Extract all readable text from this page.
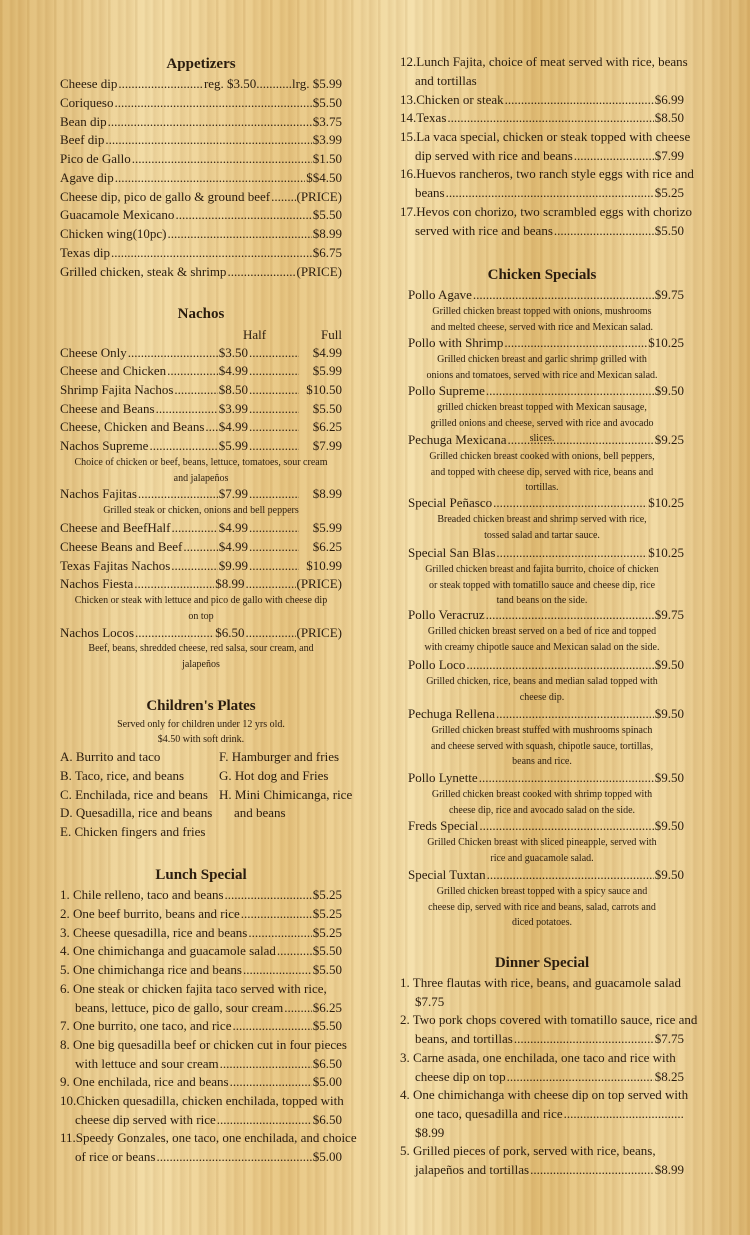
Appetizers
Cheese dip .....	reg. $3.50...........lrg. $5.99
Coriqueso .....	$5.50
Bean dip .....	$3.75
Beef dip .....	$3.99
Pico de Gallo .....	$1.50
Agave dip .....	$$4.50
Cheese dip, pico de gallo & ground beef ..... (PRICE)
Guacamole Mexicano .....	$5.50
Chicken wing(10pc) .....	$8.99
Texas dip .....	$6.75
Grilled chicken, steak & shrimp .....	(PRICE)
Nachos
Half	Full
Cheese Only .....	$3.50 .....	$4.99
Cheese and Chicken .....	$4.99 .....	$5.99
Shrimp Fajita Nachos .....	$8.50 .....	$10.50
Cheese and Beans .....	$3.99 .....	$5.50
Cheese, Chicken and Beans ..... $4.99 .....	$6.25
Nachos Supreme .....	$5.99 .....	$7.99
Nachos Fajitas .....	$7.99 .....	$8.99
Cheese and BeefHalf .....	$4.99 .....	$5.99
Cheese Beans and Beef .....	$4.99 .....	$6.25
Texas Fajitas Nachos .....	$9.99 .....	$10.99
Nachos Fiesta .....	$8.99 .....	(PRICE)
Nachos Locos .....	$6.50 .....	(PRICE)
Choice of chicken or beef, beans, lettuce, tomatoes, sour cream and jalapeños
Grilled steak or chicken, onions and bell peppers
Chicken or steak with lettuce and pico de gallo with cheese dip on top
Beef, beans, shredded cheese, red salsa, sour cream, and jalapeños
Children's Plates
Served only for children under 12 yrs old.
$4.50 with soft drink.
A. Burrito and taco
B. Taco, rice, and beans
C. Enchilada, rice and beans
D. Quesadilla, rice and beans
E. Chicken fingers and fries
F. Hamburger and fries
G. Hot dog and Fries
H. Mini Chimicanga, rice
and beans
Lunch Special
1. Chile relleno, taco and beans .....	$5.25
2. One beef burrito, beans and rice .....	$5.25
3. Cheese quesadilla, rice and beans .....	$5.25
4. One chimichanga and guacamole salad .....	$5.50
5. One chimichanga rice and beans .....	$5.50
6. One steak or chicken fajita taco served with rice,
beans, lettuce, pico de gallo, sour cream ..... $6.25
7. One burrito, one taco, and rice .....	$5.50
8. One big quesadilla beef or chicken cut in four pieces
with lettuce and sour cream .....	$6.50
9. One enchilada, rice and beans .....	$5.00
10.Chicken quesadilla, chicken enchilada, topped with
cheese dip served with rice .....	$6.50
11.Speedy Gonzales, one taco, one enchilada, and choice
of rice or beans .....	$5.00
12.Lunch Fajita, choice of meat served with rice, beans
and tortillas
13.Chicken or steak .....	$6.99
14.Texas .....	$8.50
15.La vaca special, chicken or steak topped with cheese
dip served with rice and beans .....	$7.99
16.Huevos rancheros, two ranch style eggs with rice and
beans .....	$5.25
17.Hevos con chorizo, two scrambled eggs with chorizo
served with rice and beans .....	$5.50
Chicken Specials
Pollo Agave .....	$9.75
Grilled chicken breast topped with onions, mushrooms and melted cheese, served with rice and Mexican salad.
Pollo with Shrimp .....	$10.25
Grilled chicken breast and garlic shrimp grilled with onions and tomatoes, served with rice and Mexican salad.
Pollo Supreme .....	$9.50
grilled chicken breast topped with Mexican sausage, grilled onions and cheese, served with rice and avocado slices.
Pechuga Mexicana .....	$9.25
Grilled chicken breast cooked with onions, bell peppers, and topped with cheese dip, served with rice, beans and tortillas.
Special Peñasco .....	$10.25
Breaded chicken breast and shrimp served with rice, tossed salad and tartar sauce.
Special San Blas .....	$10.25
Grilled chicken breast and fajita burrito, choice of chicken or steak topped with tomatillo sauce and cheese dip, rice tand beans on the side.
Pollo Veracruz .....	$9.75
Grilled chicken breast served on a bed of rice and topped with creamy chipotle sauce and Mexican salad on the side.
Pollo Loco .....	$9.50
Grilled chicken, rice, beans and median salad topped with cheese dip.
Pechuga Rellena .....	$9.50
Grilled chicken breast stuffed with mushrooms spinach and cheese served with squash, chipotle sauce, tortillas, beans and rice.
Pollo Lynette .....	$9.50
Grilled chicken breast cooked with shrimp topped with cheese dip, rice and avocado salad on the side.
Freds Special .....	$9.50
Grilled Chicken breast with sliced pineapple, served with rice and guacamole salad.
Special Tuxtan .....	$9.50
Grilled chicken breast topped with a spicy sauce and cheese dip, served with rice and beans, salad, carrots and diced potatoes.
Dinner Special
1. Three flautas with rice, beans, and guacamole salad
.....
$7.75
2. Two pork chops covered with tomatillo sauce, rice and
beans, and tortillas .....	$7.75
3. Carne asada, one enchilada, one taco and rice with
cheese dip on top .....	$8.25
4. One chimichanga with cheese dip on top served with
one taco, quesadilla and rice
.....
$8.99
5. Grilled pieces of pork, served with rice, beans,
jalapeños and tortillas .....	$8.99
